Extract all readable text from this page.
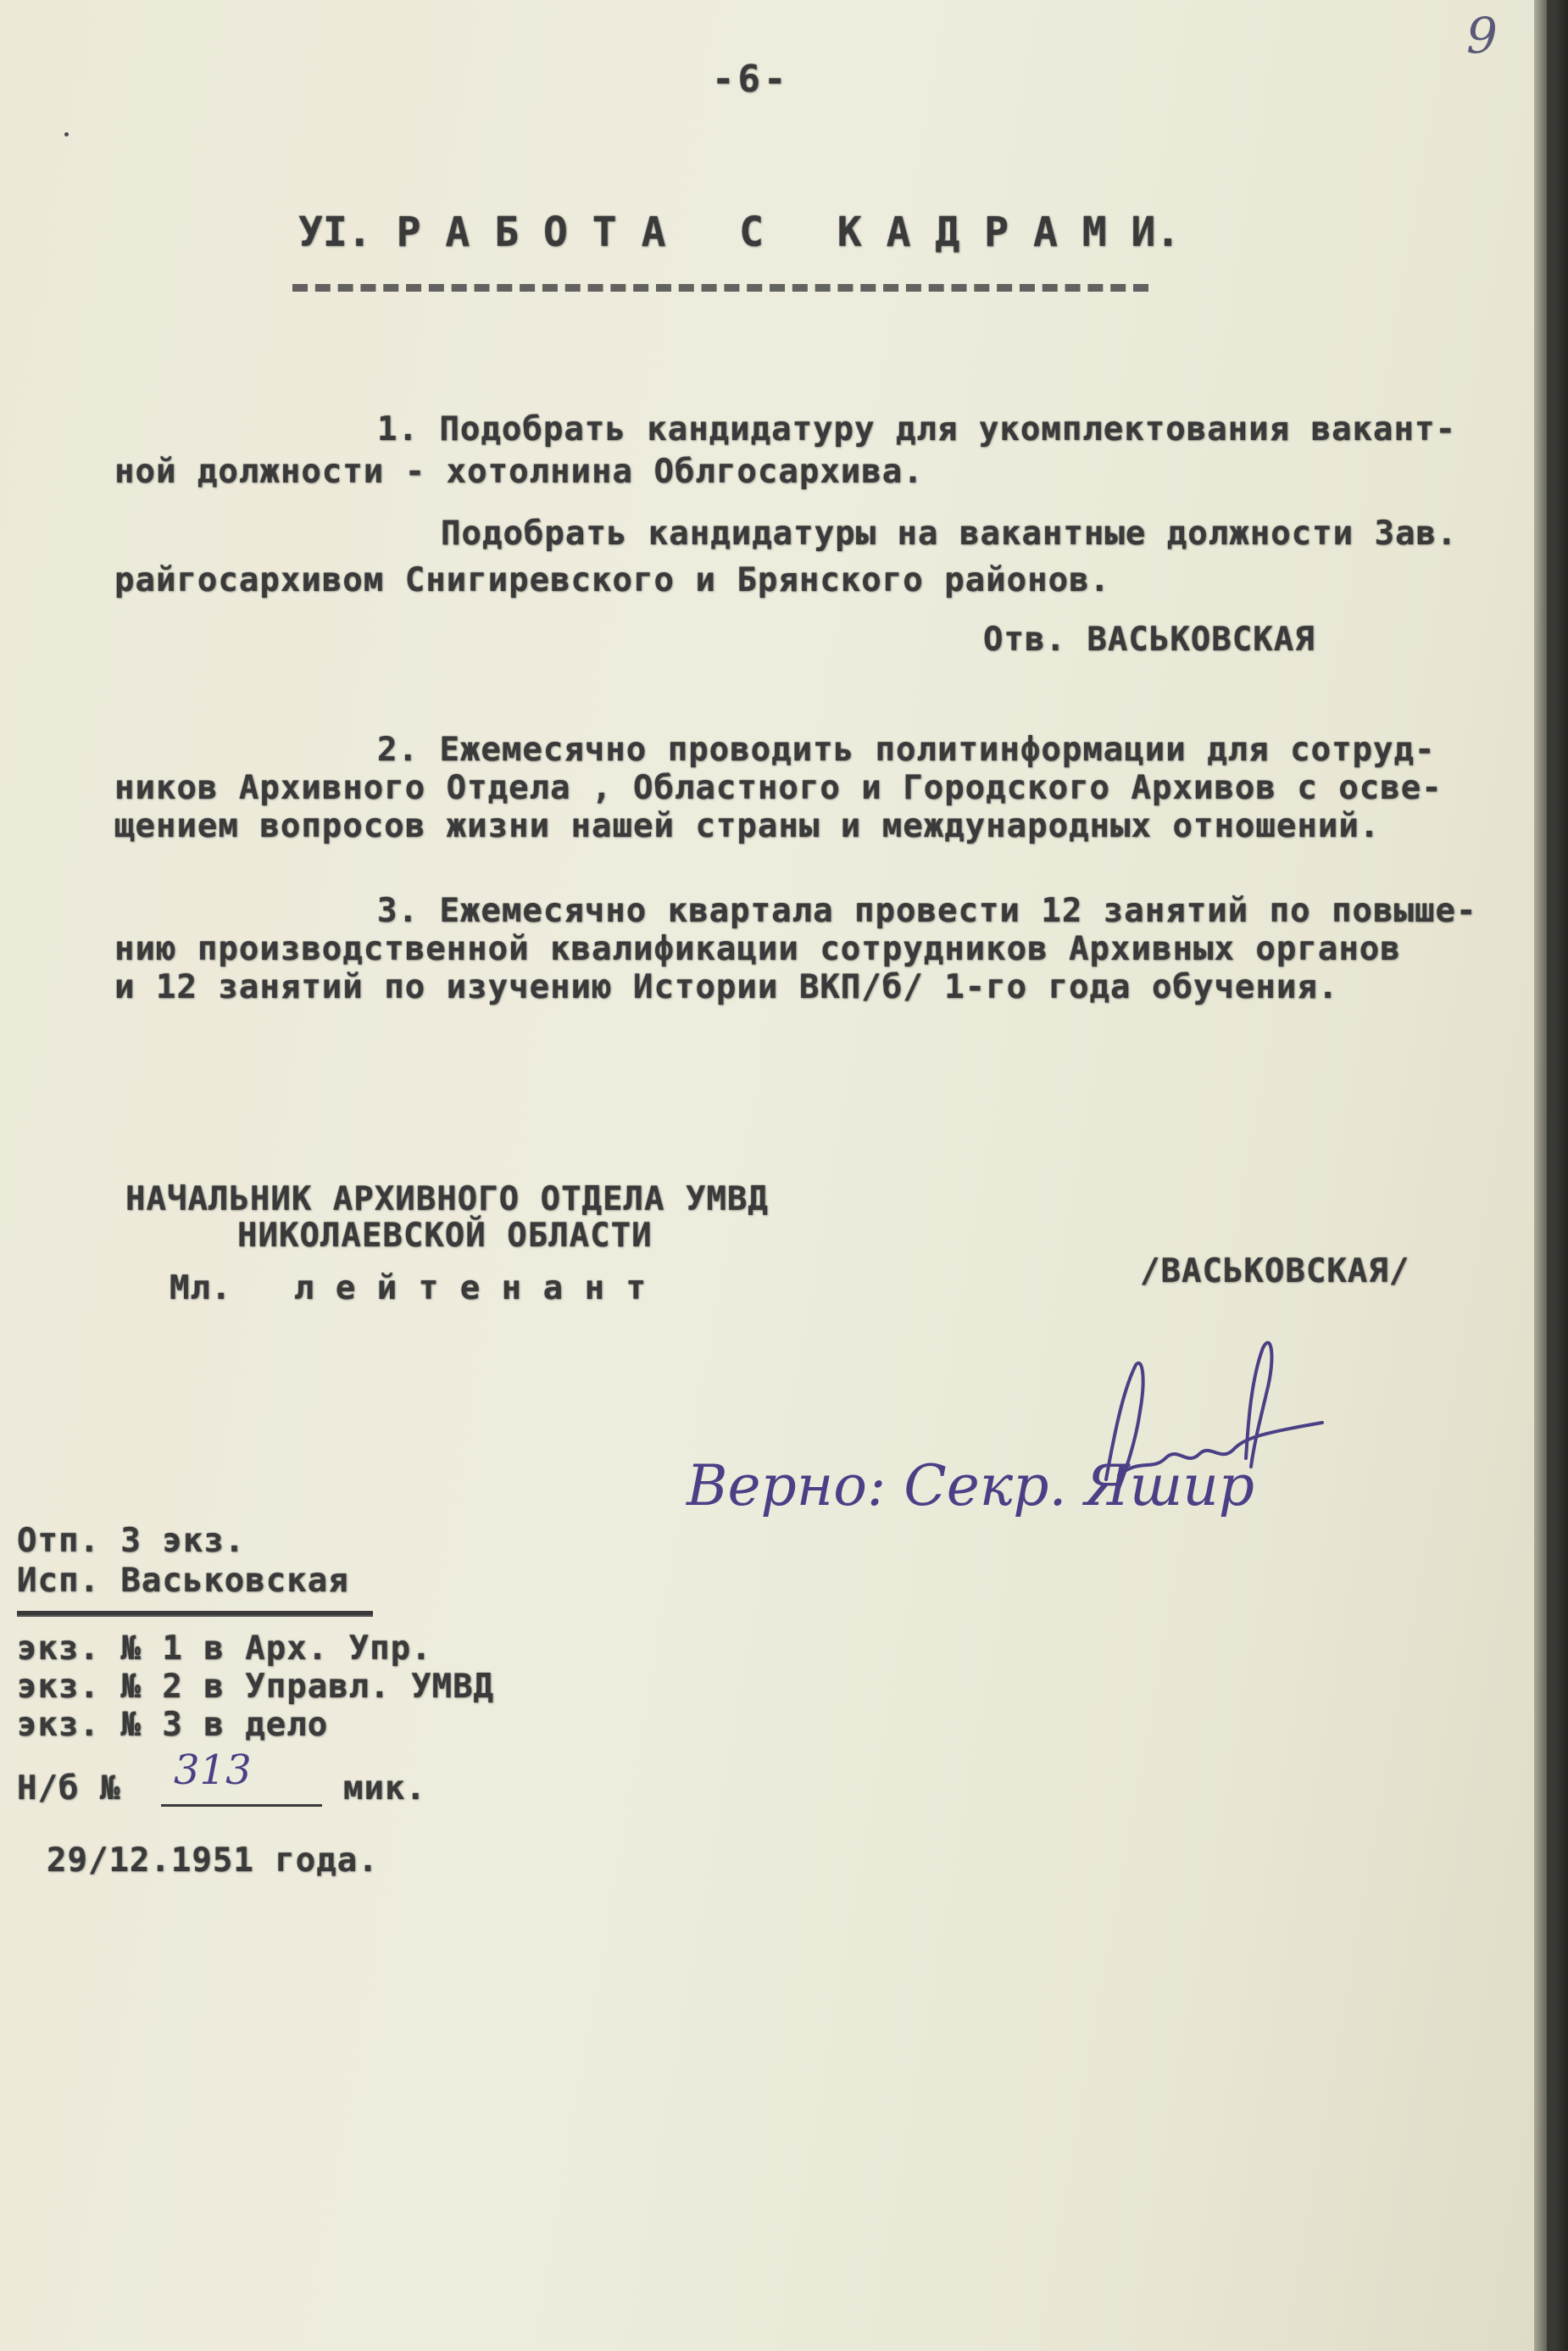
9
-6-
УІ. Р А Б О Т А   С   К А Д Р А М И.
1. Подобрать кандидатуру для укомплектования вакант-
ной должности - хотолнина Облгосархива.
Подобрать кандидатуры на вакантные должности Зав.
райгосархивом Снигиревского и Брянского районов.
Отв. ВАСЬКОВСКАЯ
2. Ежемесячно проводить политинформации для сотруд-
ников Архивного Отдела , Областного и Городского Архивов с осве-
щением вопросов жизни нашей страны и международных отношений.
3. Ежемесячно квартала провести 12 занятий по повыше-
нию производственной квалификации сотрудников Архивных органов
и 12 занятий по изучению Истории ВКП/б/ 1-го года обучения.
НАЧАЛЬНИК АРХИВНОГО ОТДЕЛА УМВД
НИКОЛАЕВСКОЙ ОБЛАСТИ
Мл.   л е й т е н а н т	/ВАСЬКОВСКАЯ/
Верно: Секр. Яшир
Отп. 3 экз.
Исп. Васьковская
экз. № 1 в Арх. Упр.
экз. № 2 в Управл. УМВД
экз. № 3 в дело
Н/б № 313	мик.
29/12.1951 года.
